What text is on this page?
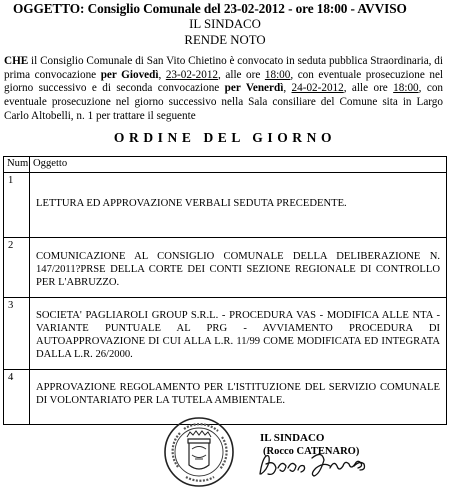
OGGETTO: Consiglio Comunale del 23-02-2012 - ore 18:00 - AVVISO
IL SINDACO
RENDE NOTO
CHE il Consiglio Comunale di San Vito Chietino è convocato in seduta pubblica Straordinaria, di prima convocazione per Giovedì, 23-02-2012, alle ore 18:00, con eventuale prosecuzione nel giorno successivo e di seconda convocazione per Venerdì, 24-02-2012, alle ore 18:00, con eventuale prosecuzione nel giorno successivo nella Sala consiliare del Comune sita in Largo Carlo Altobelli, n. 1 per trattare il seguente
ORDINE DEL GIORNO
Num	Oggetto
1	LETTURA ED APPROVAZIONE VERBALI SEDUTA PRECEDENTE.

2	COMUNICAZIONE AL CONSIGLIO COMUNALE DELLA DELIBERAZIONE N. 147/2011?PRSE DELLA CORTE DEI CONTI SEZIONE REGIONALE DI CONTROLLO PER L'ABRUZZO.

3	SOCIETA' PAGLIAROLI GROUP S.R.L. - PROCEDURA VAS - MODIFICA ALLE NTA - VARIANTE PUNTUALE AL PRG - AVVIAMENTO PROCEDURA DI AUTOAPPROVAZIONE DI CUI ALLA L.R. 11/99 COME MODIFICATA ED INTEGRATA DALLA L.R. 26/2000.

4	APPROVAZIONE REGOLAMENTO PER L'ISTITUZIONE DEL SERVIZIO COMUNALE DI VOLONTARIATO PER LA TUTELA AMBIENTALE.
IL SINDACO
(Rocco CATENARO)
